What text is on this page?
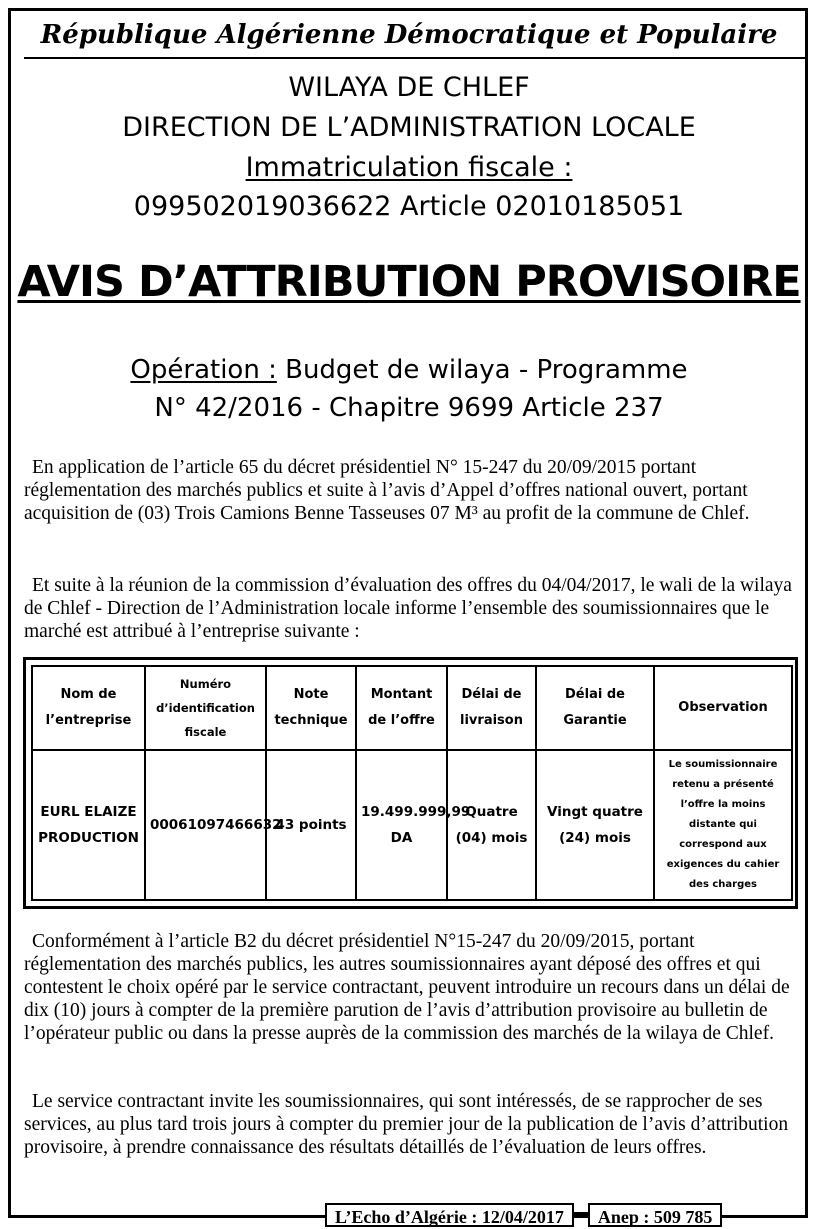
République Algérienne Démocratique et Populaire
WILAYA DE CHLEF
DIRECTION DE L’ADMINISTRATION LOCALE
Immatriculation fiscale :
099502019036622 Article 02010185051
AVIS D’ATTRIBUTION PROVISOIRE
Opération : Budget de wilaya - Programme
N° 42/2016 - Chapitre 9699 Article 237
En application de l’article 65 du décret présidentiel N° 15-247 du 20/09/2015 portant réglementation des marchés publics et suite à l’avis d’Appel d’offres national ouvert, portant acquisition de (03) Trois Camions Benne Tasseuses 07 M³ au profit de la commune de Chlef.
Et suite à la réunion de la commission d’évaluation des offres du 04/04/2017, le wali de la wilaya de Chlef - Direction de l’Administration locale informe l’ensemble des soumissionnaires que le marché est attribué à l’entreprise suivante :
Nom de l’entreprise	Numéro d’identification fiscale	Note technique	Montant de l’offre	Délai de livraison	Délai de Garantie	Observation
EURL ELAIZE PRODUCTION	00061097466632	43 points	19.499.999,99 DA	Quatre (04) mois	Vingt quatre (24) mois	Le soumissionnaire retenu a présenté l’offre la moins distante qui correspond aux exigences du cahier des charges
Conformément à l’article B2 du décret présidentiel N°15-247 du 20/09/2015, portant réglementation des marchés publics, les autres soumissionnaires ayant déposé des offres et qui contestent le choix opéré par le service contractant, peuvent introduire un recours dans un délai de dix (10) jours à compter de la première parution de l’avis d’attribution provisoire au bulletin de l’opérateur public ou dans la presse auprès de la commission des marchés de la wilaya de Chlef.
Le service contractant invite les soumissionnaires, qui sont intéressés, de se rapprocher de ses services, au plus tard trois jours à compter du premier jour de la publication de l’avis d’attribution provisoire, à prendre connaissance des résultats détaillés de l’évaluation de leurs offres.
L’Echo d’Algérie : 12/04/2017	Anep : 509 785
